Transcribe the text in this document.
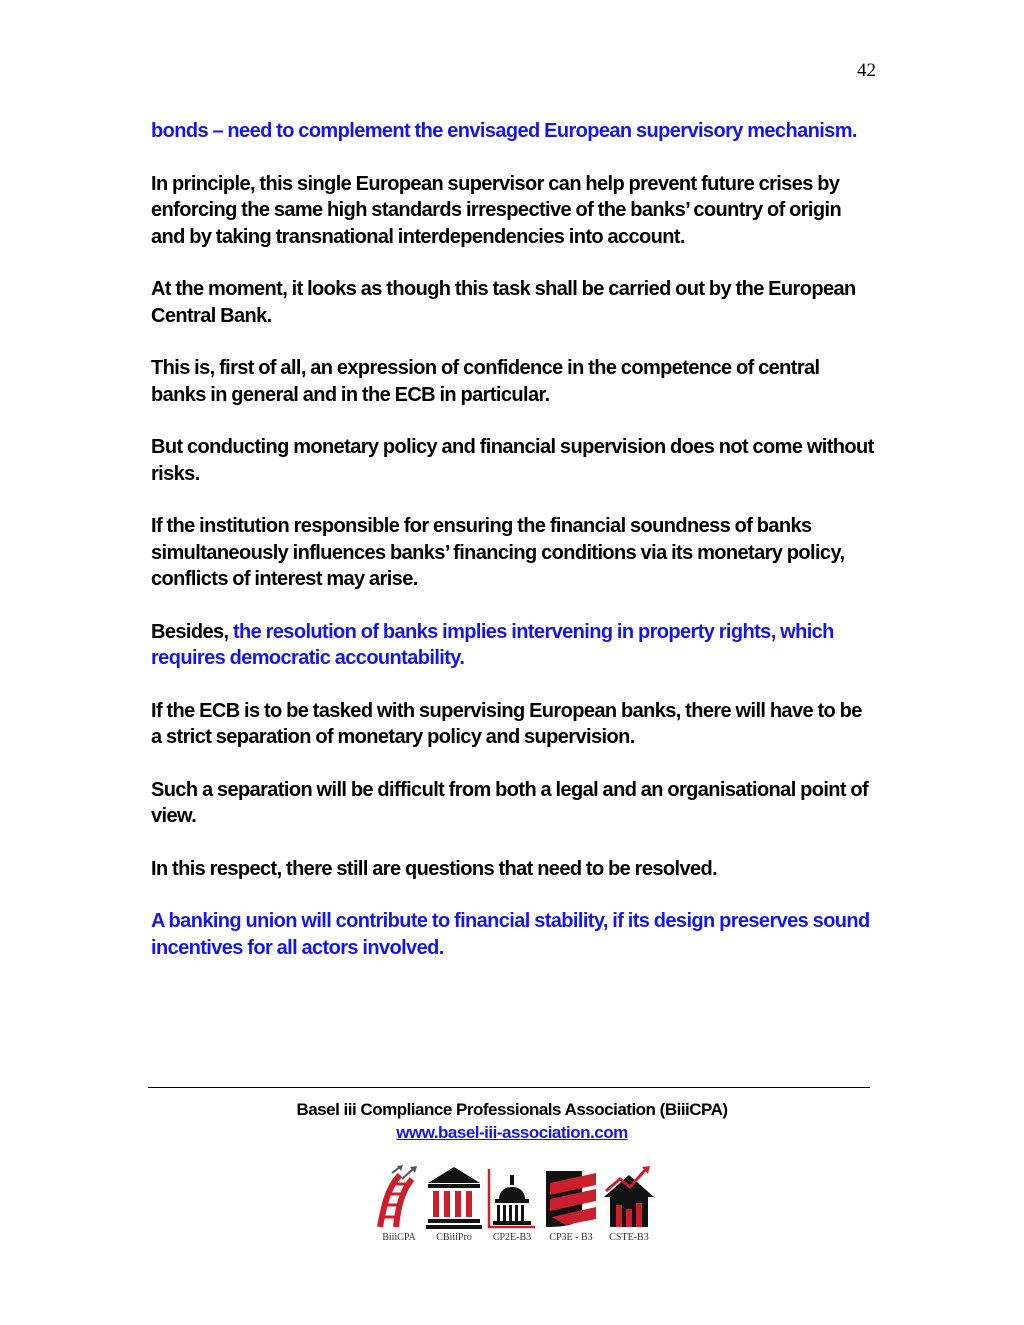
42

bonds – need to complement the envisaged European supervisory mechanism.

In principle, this single European supervisor can help prevent future crises by enforcing the same high standards irrespective of the banks’ country of origin and by taking transnational interdependencies into account.

At the moment, it looks as though this task shall be carried out by the European Central Bank.

This is, first of all, an expression of confidence in the competence of central banks in general and in the ECB in particular.

But conducting monetary policy and financial supervision does not come without risks.

If the institution responsible for ensuring the financial soundness of banks simultaneously influences banks’ financing conditions via its monetary policy, conflicts of interest may arise.

Besides, the resolution of banks implies intervening in property rights, which requires democratic accountability.

If the ECB is to be tasked with supervising European banks, there will have to be a strict separation of monetary policy and supervision.

Such a separation will be difficult from both a legal and an organisational point of view.

In this respect, there still are questions that need to be resolved.

A banking union will contribute to financial stability, if its design preserves sound incentives for all actors involved.

Basel iii Compliance Professionals Association (BiiiCPA)
www.basel-iii-association.com
BiiiCPA	CBiiiPro	CP2E-B3	CP3E - B3	CSTE-B3
